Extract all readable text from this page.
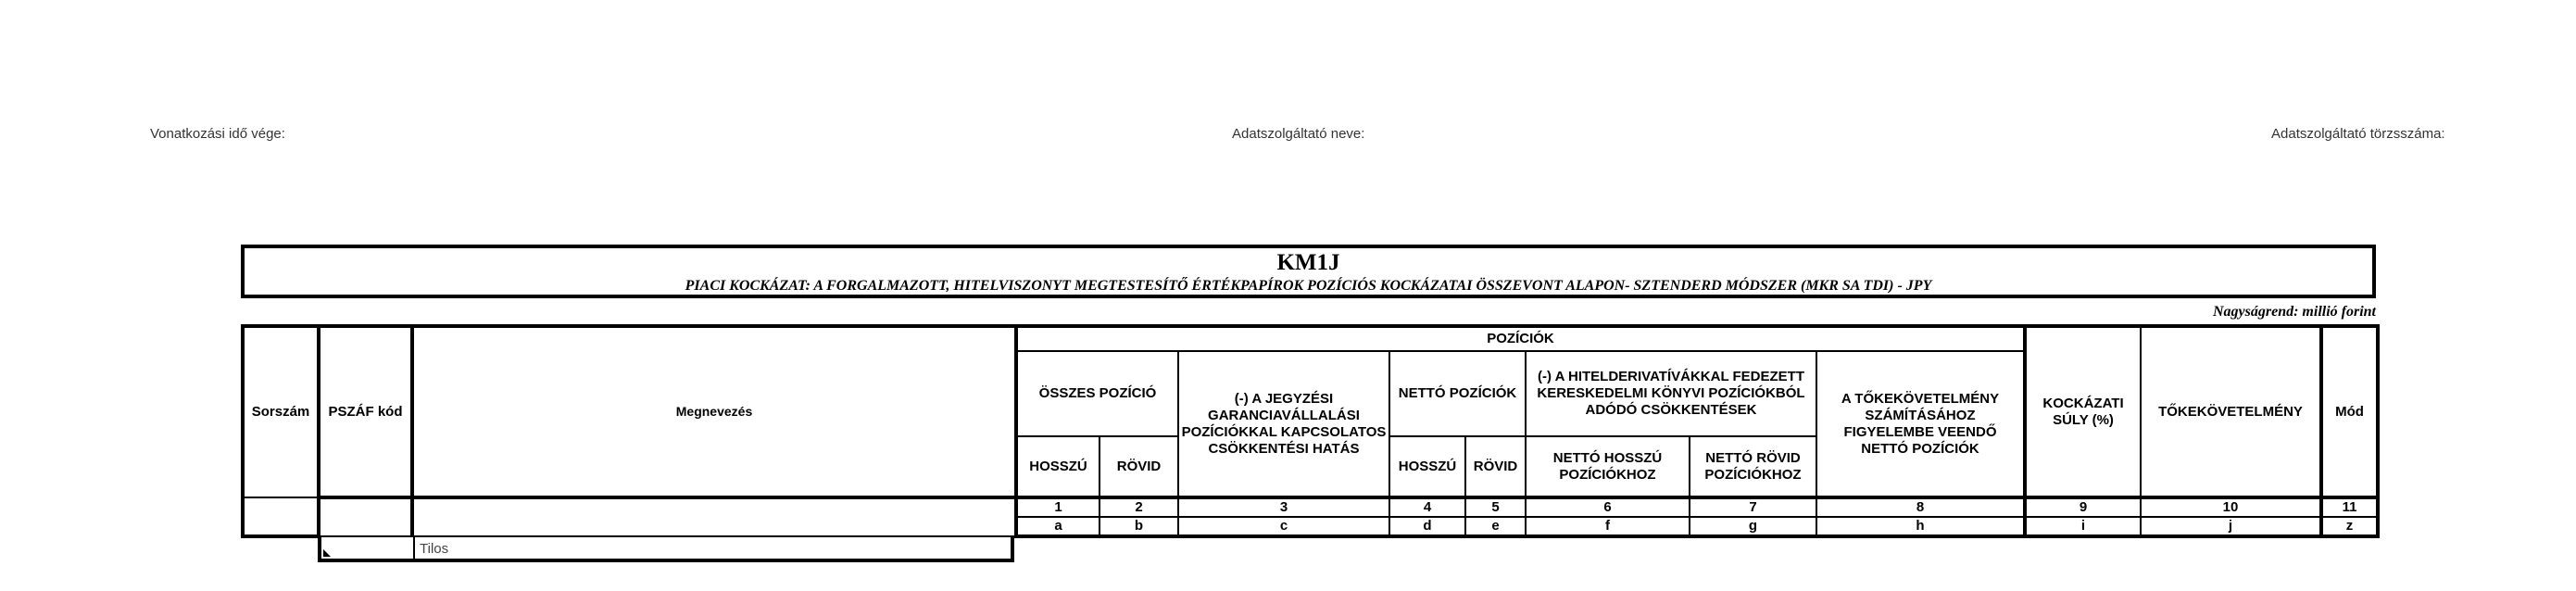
Vonatkozási idő vége:	Adatszolgáltató neve:	Adatszolgáltató törzsszáma:
KM1J
PIACI KOCKÁZAT: A FORGALMAZOTT, HITELVISZONYT MEGTESTESÍTŐ ÉRTÉKPAPÍROK POZÍCIÓS KOCKÁZATAI ÖSSZEVONT ALAPON- SZTENDERD MÓDSZER (MKR SA TDI) - JPY
Nagyságrend: millió forint
Sorszám	PSZÁF kód	Megnevezés	POZÍCIÓK								KOCKÁZATI SÚLY (%)	TŐKEKÖVETELMÉNY	Mód
			ÖSSZES POZÍCIÓ		(-) A JEGYZÉSI GARANCIAVÁLLALÁSI POZÍCIÓKKAL KAPCSOLATOS CSÖKKENTÉSI HATÁS	NETTÓ POZÍCIÓK		(-) A HITELDERIVATÍVÁKKAL FEDEZETT KERESKEDELMI KÖNYVI POZÍCIÓKBÓL ADÓDÓ CSÖKKENTÉSEK		A TŐKEKÖVETELMÉNY SZÁMÍTÁSÁHOZ FIGYELEMBE VEENDŐ NETTÓ POZÍCIÓK			
			HOSSZÚ	RÖVID		HOSSZÚ	RÖVID	NETTÓ HOSSZÚ POZÍCIÓKHOZ	NETTÓ RÖVID POZÍCIÓKHOZ				
			1	2	3	4	5	6	7	8	9	10	11
			a	b	c	d	e	f	g	h	i	j	z
Tilos
